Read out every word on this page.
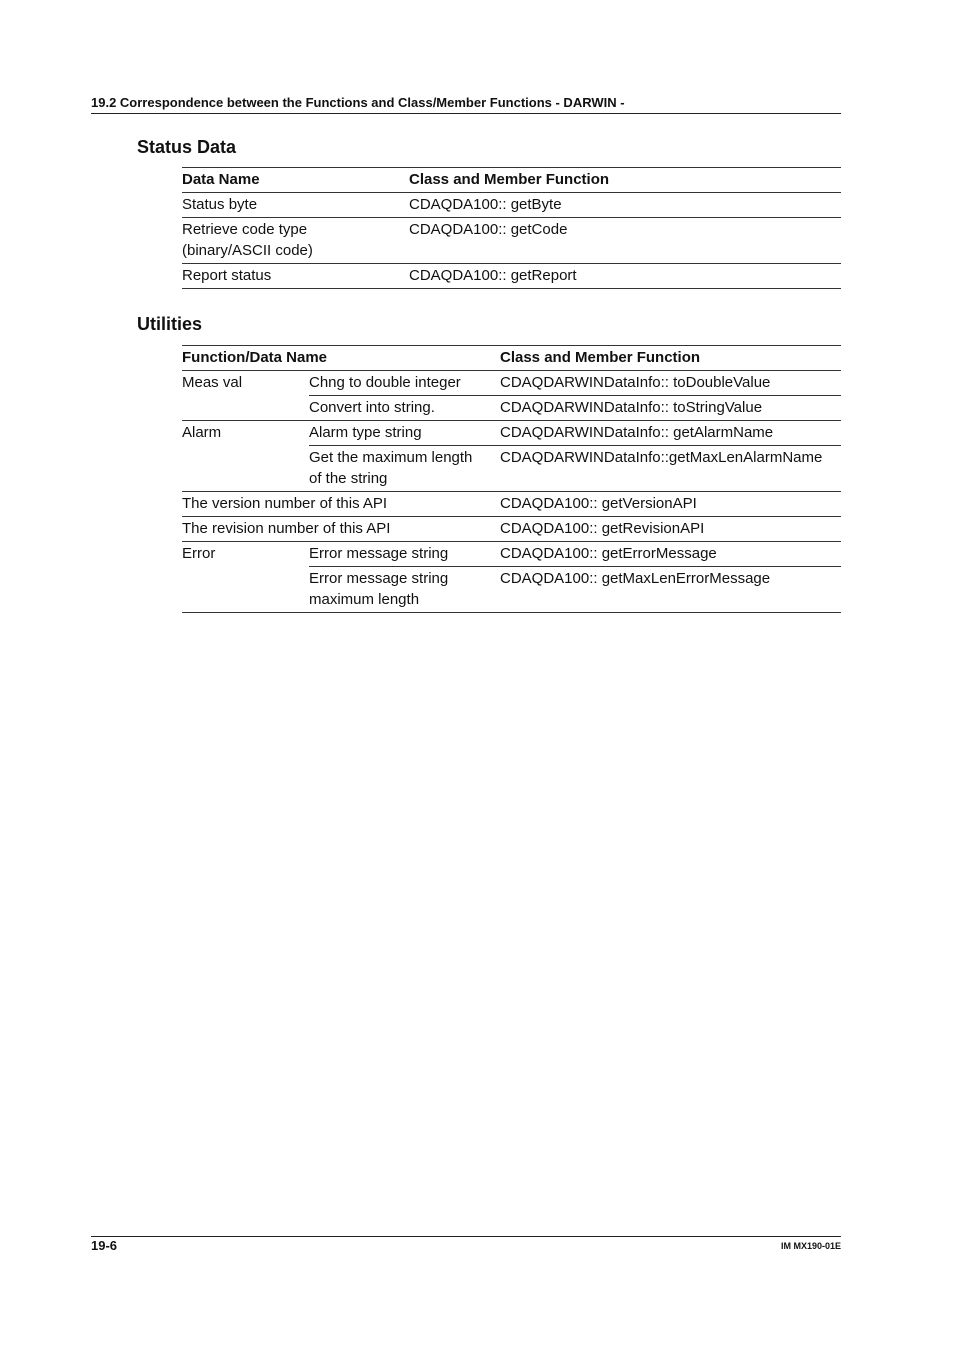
19.2 Correspondence between the Functions and Class/Member Functions - DARWIN -
Status Data
Data Name	Class and Member Function
Status byte	CDAQDA100:: getByte

Retrieve code type
(binary/ASCII code)	CDAQDA100:: getCode
Report status	CDAQDA100:: getReport
Utilities
Function/Data Name		Class and Member Function
Meas val	Chng to double integer	CDAQDARWINDataInfo:: toDoubleValue
	Convert into string.	CDAQDARWINDataInfo:: toStringValue
Alarm	Alarm type string	CDAQDARWINDataInfo:: getAlarmName

	Get the maximum length
of the string	CDAQDARWINDataInfo::getMaxLenAlarmName
The version number of this API		CDAQDA100:: getVersionAPI
The revision number of this API		CDAQDA100:: getRevisionAPI
Error	Error message string	CDAQDA100:: getErrorMessage

	Error message string
maximum length	CDAQDA100:: getMaxLenErrorMessage
19-6	IM MX190-01E
